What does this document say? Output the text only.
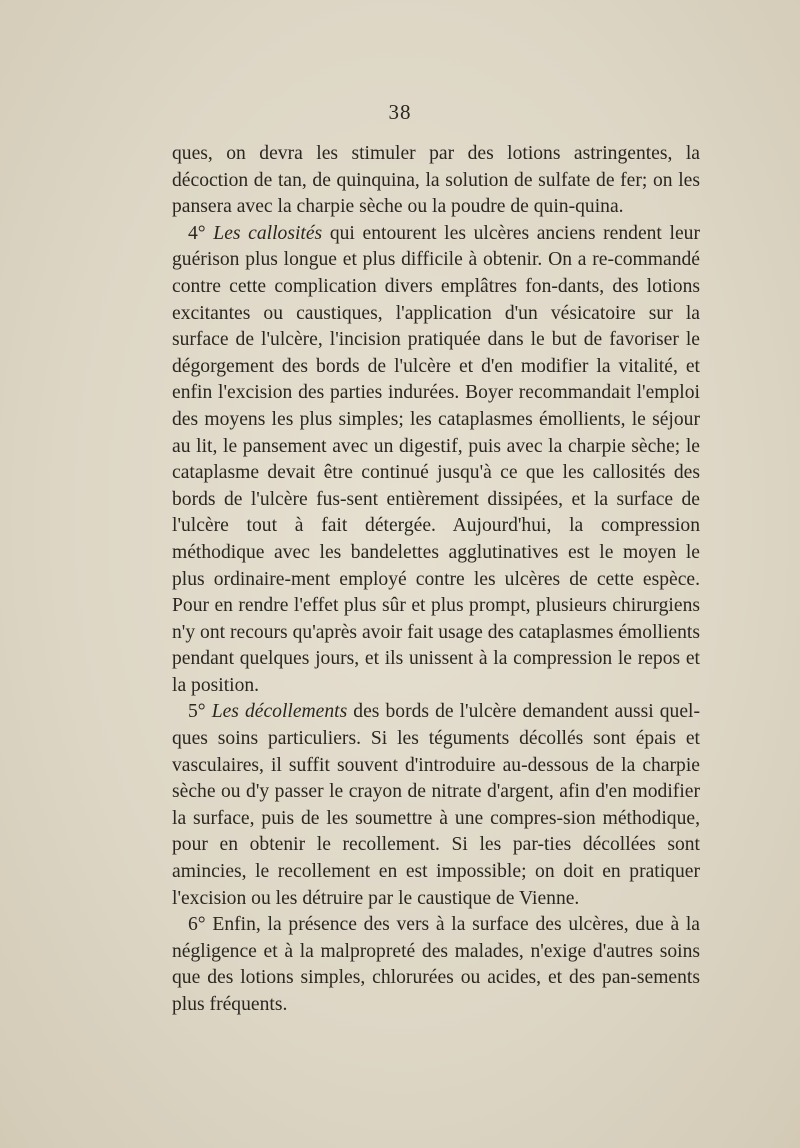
38

ques, on devra les stimuler par des lotions astringentes, la décoction de tan, de quinquina, la solution de sulfate de fer; on les pansera avec la charpie sèche ou la poudre de quin-quina.

4° Les callosités qui entourent les ulcères anciens rendent leur guérison plus longue et plus difficile à obtenir. On a re-commandé contre cette complication divers emplâtres fon-dants, des lotions excitantes ou caustiques, l'application d'un vésicatoire sur la surface de l'ulcère, l'incision pratiquée dans le but de favoriser le dégorgement des bords de l'ulcère et d'en modifier la vitalité, et enfin l'excision des parties indurées. Boyer recommandait l'emploi des moyens les plus simples; les cataplasmes émollients, le séjour au lit, le pansement avec un digestif, puis avec la charpie sèche; le cataplasme devait être continué jusqu'à ce que les callosités des bords de l'ulcère fus-sent entièrement dissipées, et la surface de l'ulcère tout à fait détergée. Aujourd'hui, la compression méthodique avec les bandelettes agglutinatives est le moyen le plus ordinaire-ment employé contre les ulcères de cette espèce. Pour en rendre l'effet plus sûr et plus prompt, plusieurs chirurgiens n'y ont recours qu'après avoir fait usage des cataplasmes émollients pendant quelques jours, et ils unissent à la compression le repos et la position.

5° Les décollements des bords de l'ulcère demandent aussi quel-ques soins particuliers. Si les téguments décollés sont épais et vasculaires, il suffit souvent d'introduire au-dessous de la charpie sèche ou d'y passer le crayon de nitrate d'argent, afin d'en modifier la surface, puis de les soumettre à une compres-sion méthodique, pour en obtenir le recollement. Si les par-ties décollées sont amincies, le recollement en est impossible; on doit en pratiquer l'excision ou les détruire par le caustique de Vienne.

6° Enfin, la présence des vers à la surface des ulcères, due à la négligence et à la malpropreté des malades, n'exige d'autres soins que des lotions simples, chlorurées ou acides, et des pan-sements plus fréquents.
